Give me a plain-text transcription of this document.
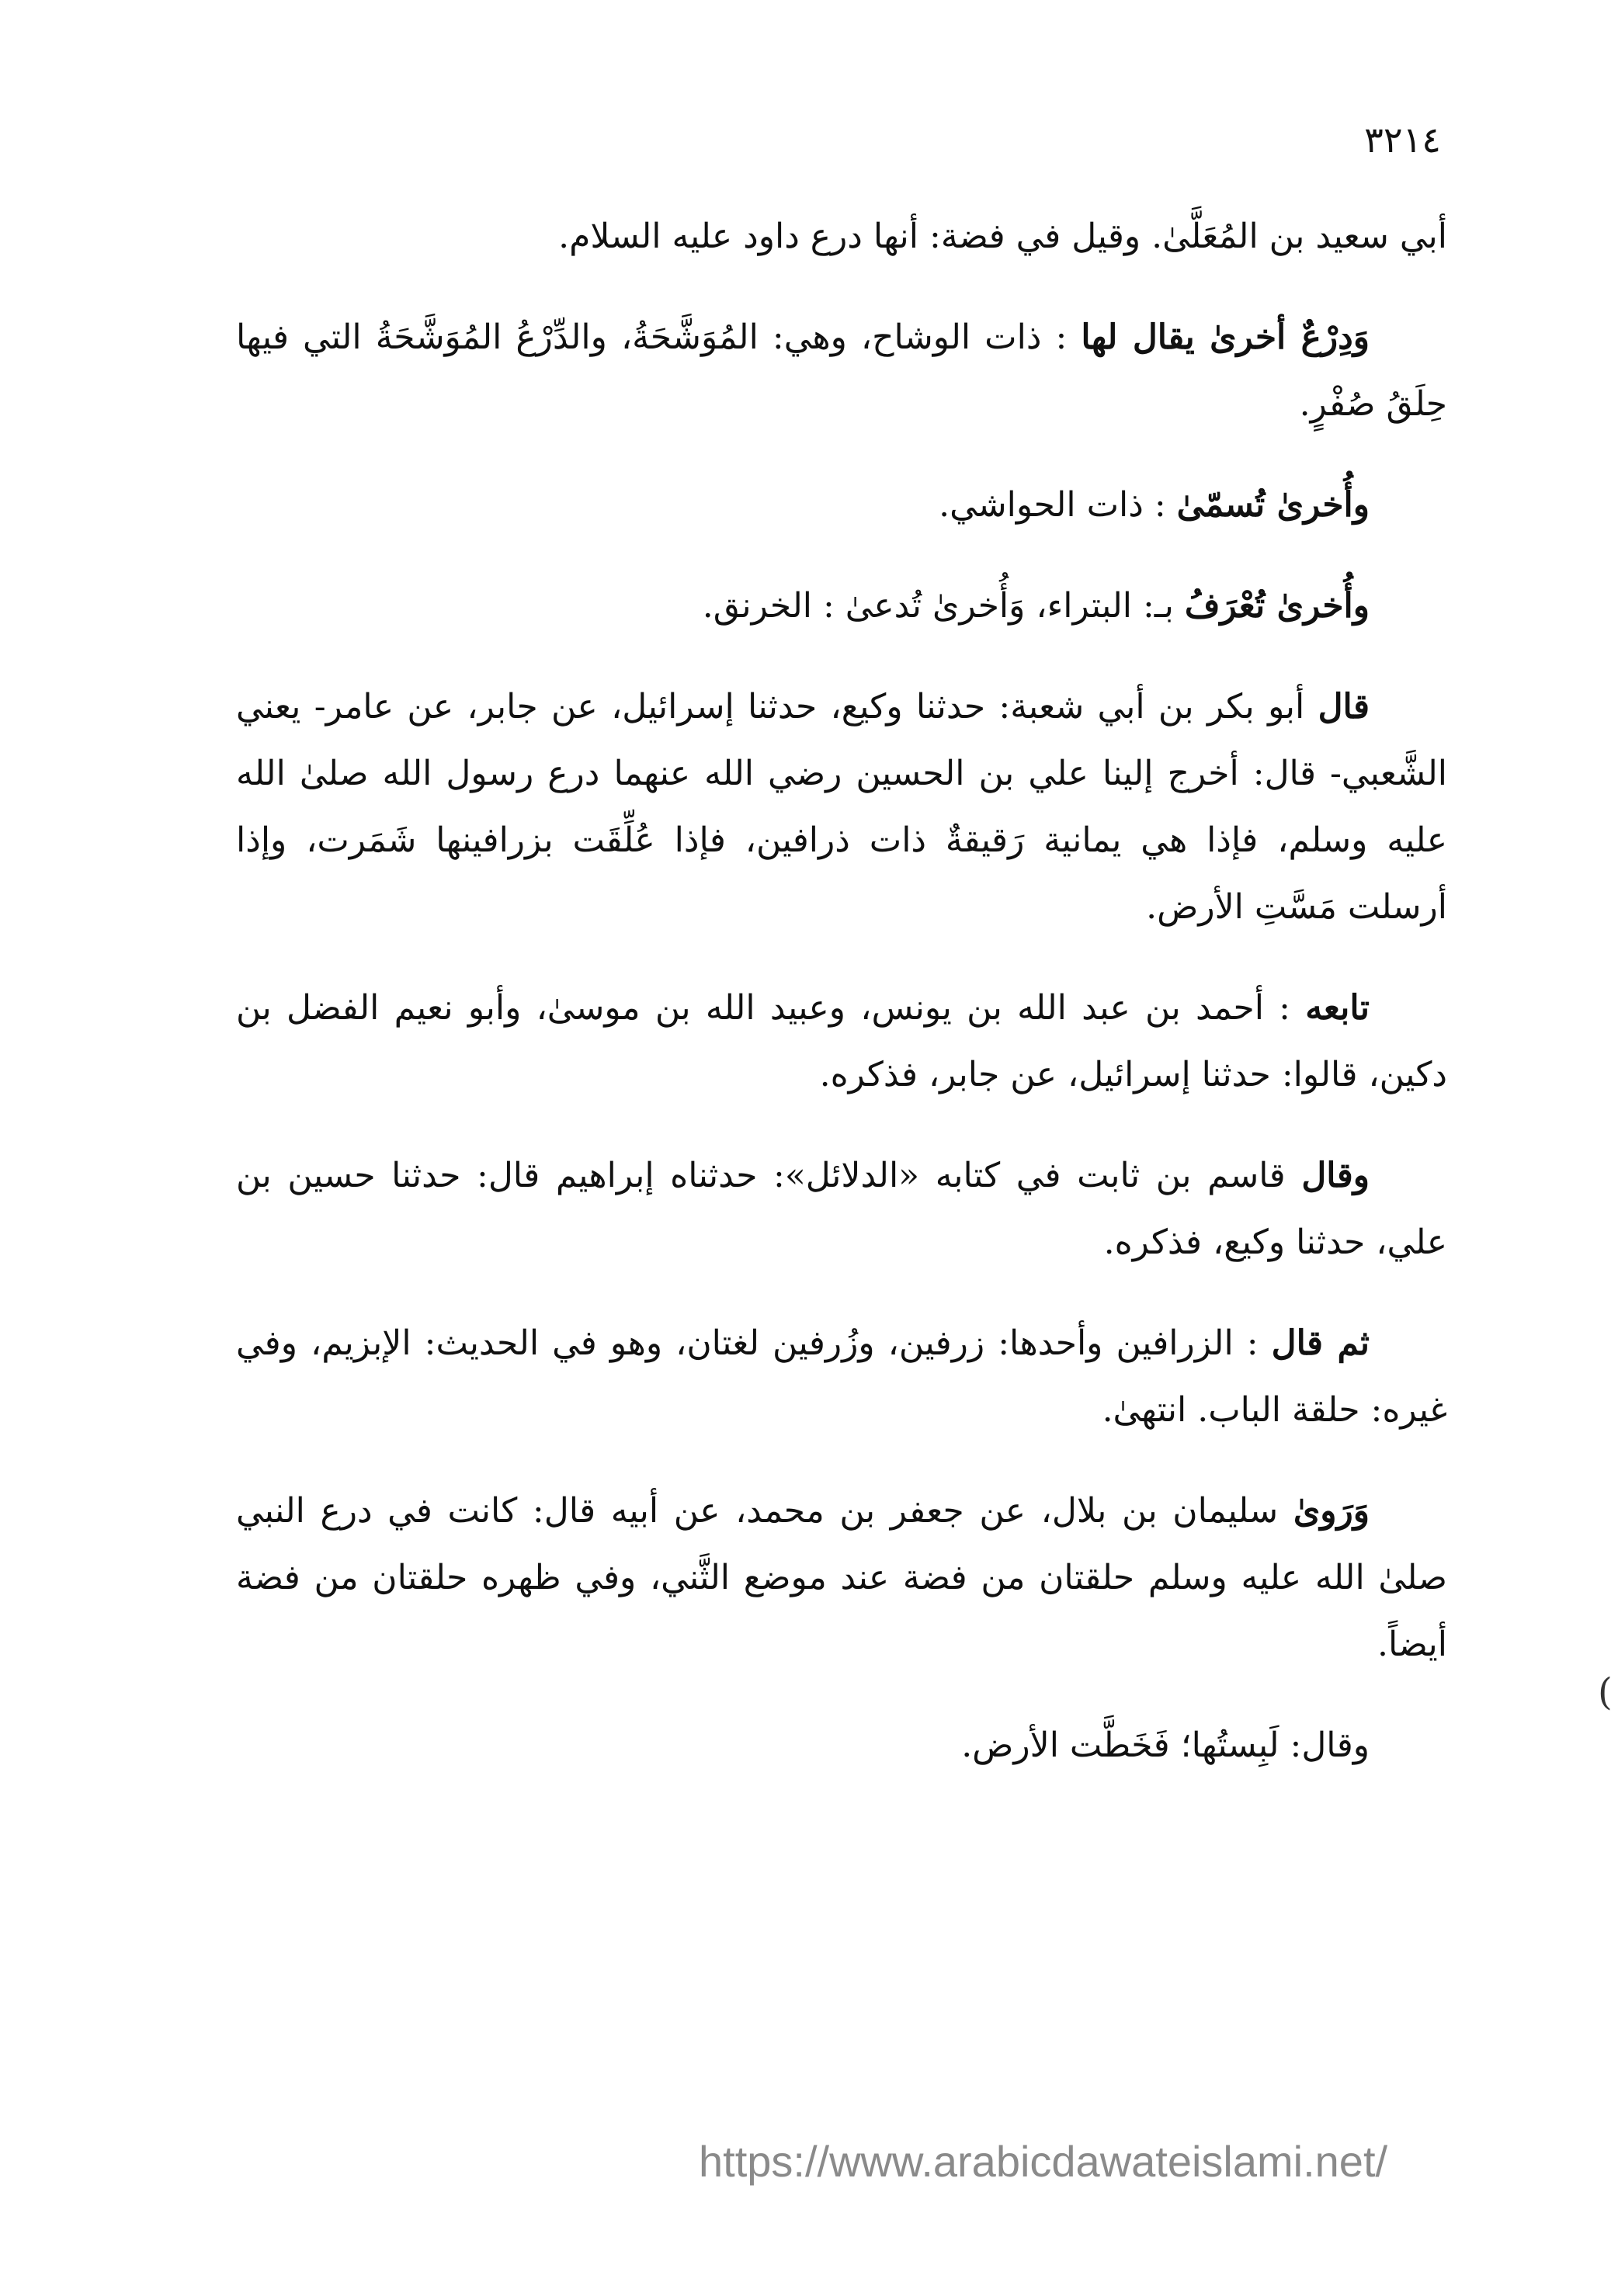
٣٢١٤
)

أبي سعيد بن المُعَلَّىٰ. وقيل في فضة: أنها درع داود عليه السلام.

وَدِرْعٌ أخرىٰ يقال لها : ذات الوشاح، وهي: المُوَشَّحَةُ، والدِّرْعُ المُوَشَّحَةُ التي فيها حِلَقُ صُفْرٍ.

وأُخرىٰ تُسمّىٰ : ذات الحواشي.

وأُخرىٰ تُعْرَفُ بـ: البتراء، وَأُخرىٰ تُدعىٰ : الخرنق.

قال أبو بكر بن أبي شعبة: حدثنا وكيع، حدثنا إسرائيل، عن جابر، عن عامر- يعني الشَّعبي- قال: أخرج إلينا علي بن الحسين رضي الله عنهما درع رسول الله صلىٰ الله عليه وسلم، فإذا هي يمانية رَقيقةٌ ذات ذرافين، فإذا عُلِّقَت بزرافينها شَمَرت، وإذا أرسلت مَسَّتِ الأرض.

تابعه : أحمد بن عبد الله بن يونس، وعبيد الله بن موسىٰ، وأبو نعيم الفضل بن دكين، قالوا: حدثنا إسرائيل، عن جابر، فذكره.

وقال قاسم بن ثابت في كتابه «الدلائل»: حدثناه إبراهيم قال: حدثنا حسين بن علي، حدثنا وكيع، فذكره.

ثم قال : الزرافين وأحدها: زرفين، وزُرفين لغتان، وهو في الحديث: الإبزيم، وفي غيره: حلقة الباب. انتهىٰ.

وَرَوىٰ سليمان بن بلال، عن جعفر بن محمد، عن أبيه قال: كانت في درع النبي صلىٰ الله عليه وسلم حلقتان من فضة عند موضع الثَّني، وفي ظهره حلقتان من فضة أيضاً.

وقال: لَبِستُها؛ فَخَطَّت الأرض.

https://www.arabicdawateislami.net/
